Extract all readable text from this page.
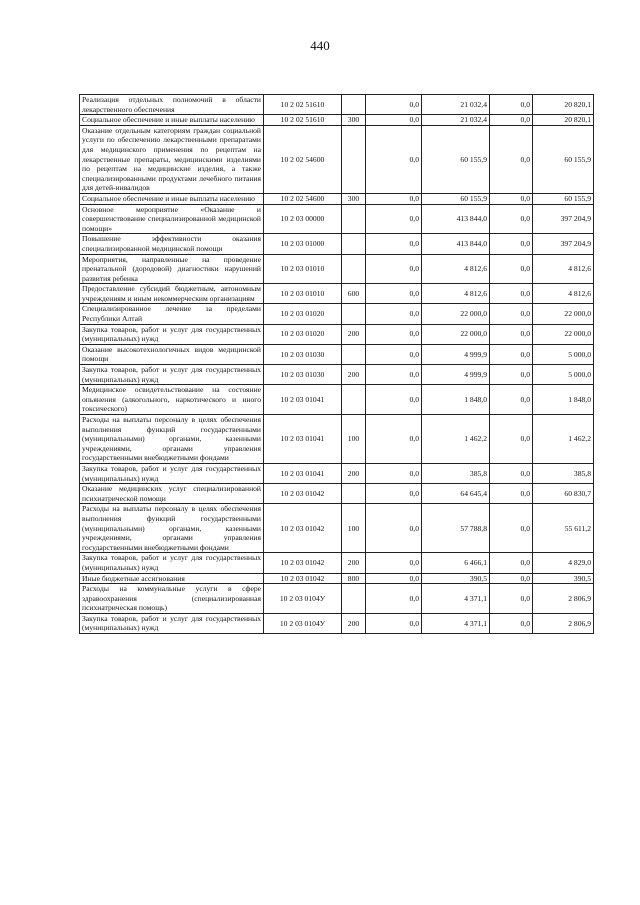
440
Реализация отдельных полномочий в области лекарственного обеспечения	10 2 02 51610		0,0	21 032,4	0,0	20 820,1
Социальное обеспечение и иные выплаты населению	10 2 02 51610	300	0,0	21 032,4	0,0	20 820,1
Оказание отдельным категориям граждан социальной услуги по обеспечению лекарственными препаратами для медицинского применения по рецептам на лекарственные препараты, медицинскими изделиями по рецептам на медицинские изделия, а также специализированными продуктами лечебного питания для детей-инвалидов	10 2 02 54600		0,0	60 155,9	0,0	60 155,9
Социальное обеспечение и иные выплаты населению	10 2 02 54600	300	0,0	60 155,9	0,0	60 155,9
Основное мероприятие «Оказание и совершенствование специализированной медицинской помощи»	10 2 03 00000		0,0	413 844,0	0,0	397 204,9
Повышение эффективности оказания специализированной медицинской помощи	10 2 03 01000		0,0	413 844,0	0,0	397 204,9
Мероприятия, направленные на проведение пренатальной (дородовой) диагностики нарушений развития ребенка	10 2 03 01010		0,0	4 812,6	0,0	4 812,6
Предоставление субсидий бюджетным, автономным учреждениям и иным некоммерческим организациям	10 2 03 01010	600	0,0	4 812,6	0,0	4 812,6
Специализированное лечение за пределами Республики Алтай	10 2 03 01020		0,0	22 000,0	0,0	22 000,0
Закупка товаров, работ и услуг для государственных (муниципальных) нужд	10 2 03 01020	200	0,0	22 000,0	0,0	22 000,0
Оказание высокотехнологичных видов медицинской помощи	10 2 03 01030		0,0	4 999,9	0,0	5 000,0
Закупка товаров, работ и услуг для государственных (муниципальных) нужд	10 2 03 01030	200	0,0	4 999,9	0,0	5 000,0
Медицинское освидетельствование на состояние опьянения (алкогольного, наркотического и иного токсического)	10 2 03 01041		0,0	1 848,0	0,0	1 848,0
Расходы на выплаты персоналу в целях обеспечения выполнения функций государственными (муниципальными) органами, казенными учреждениями, органами управления государственными внебюджетными фондами	10 2 03 01041	100	0,0	1 462,2	0,0	1 462,2
Закупка товаров, работ и услуг для государственных (муниципальных) нужд	10 2 03 01041	200	0,0	385,8	0,0	385,8
Оказание медицинских услуг специализированной психиатрической помощи	10 2 03 01042		0,0	64 645,4	0,0	60 830,7
Расходы на выплаты персоналу в целях обеспечения выполнения функций государственными (муниципальными) органами, казенными учреждениями, органами управления государственными внебюджетными фондами	10 2 03 01042	100	0,0	57 788,8	0,0	55 611,2
Закупка товаров, работ и услуг для государственных (муниципальных) нужд	10 2 03 01042	200	0,0	6 466,1	0,0	4 829,0
Иные бюджетные ассигнования	10 2 03 01042	800	0,0	390,5	0,0	390,5
Расходы на коммунальные услуги в сфере здравоохранения (специализированная психиатрическая помощь)	10 2 03 0104У		0,0	4 371,1	0,0	2 806,9
Закупка товаров, работ и услуг для государственных (муниципальных) нужд	10 2 03 0104У	200	0,0	4 371,1	0,0	2 806,9
